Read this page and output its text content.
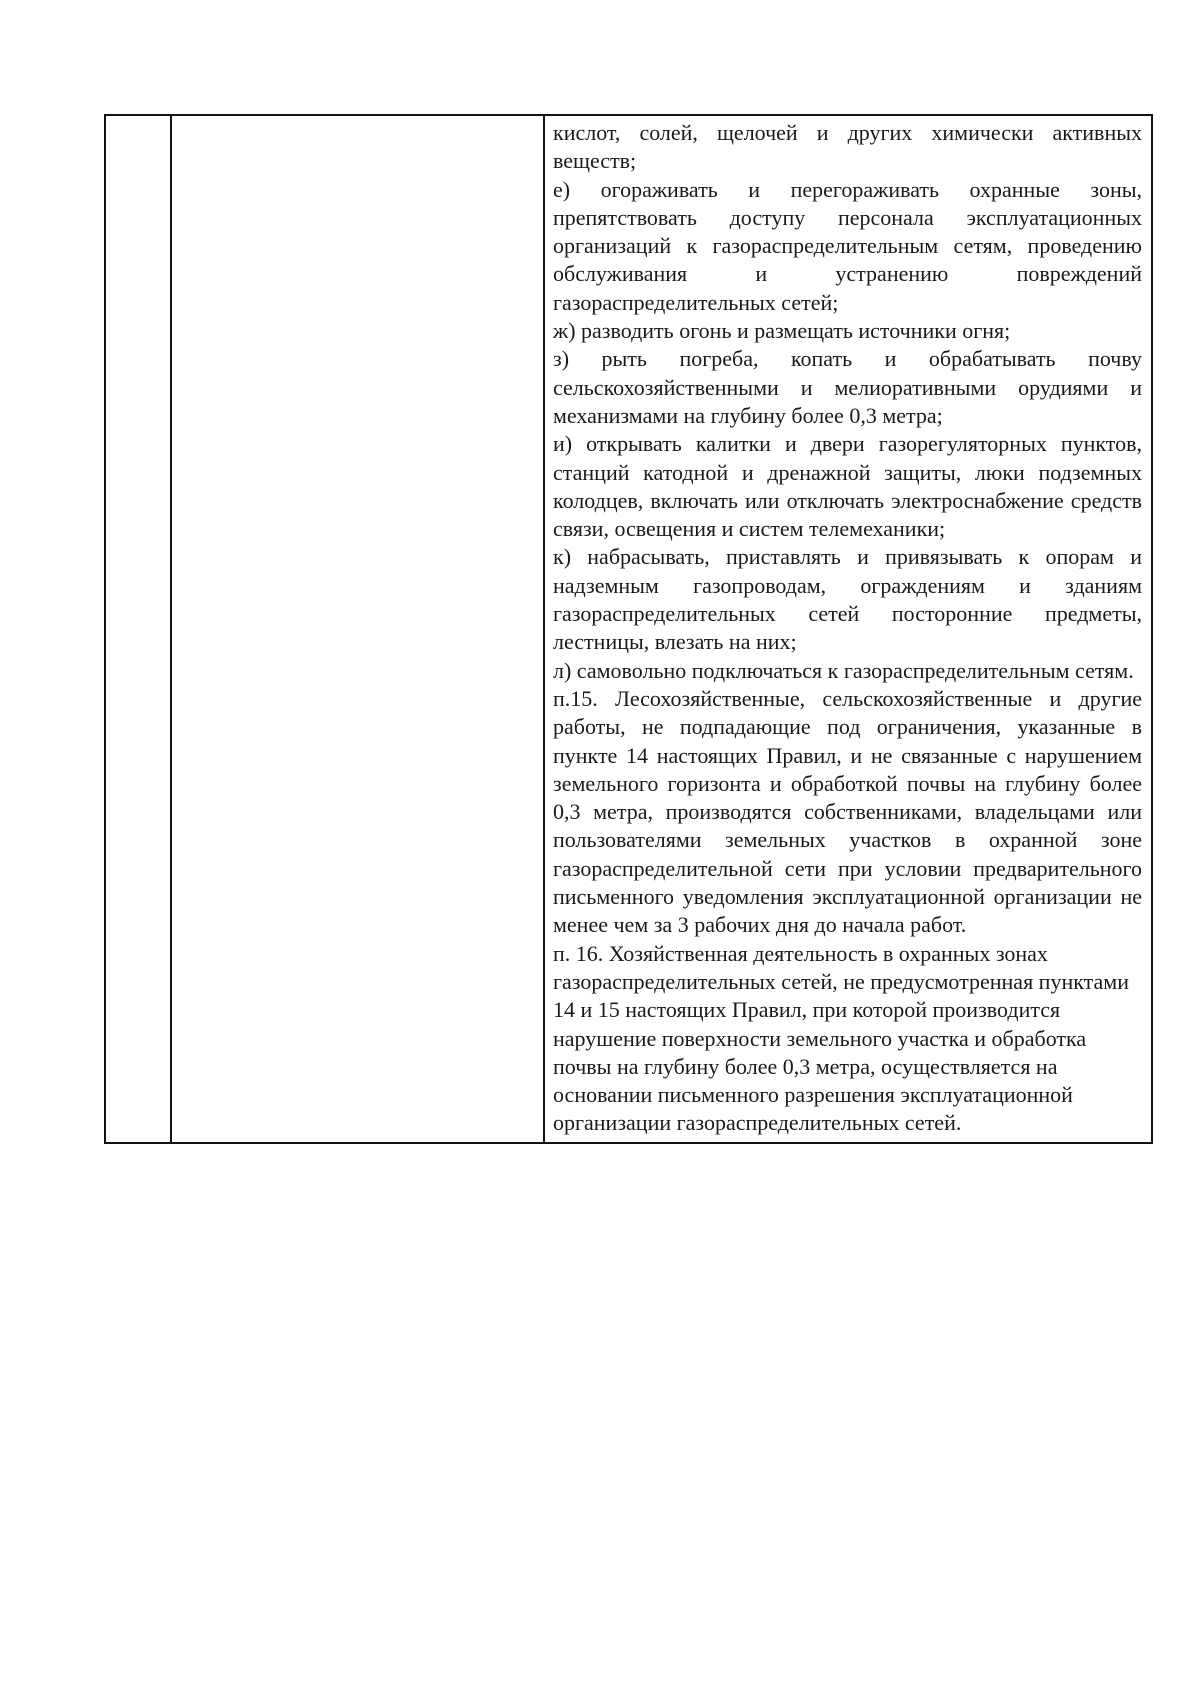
кислот, солей, щелочей и других химически активных веществ;

е) огораживать и перегораживать охранные зоны, препятствовать доступу персонала эксплуатационных организаций к газораспределительным сетям, проведению обслуживания и устранению повреждений газораспределительных сетей;

ж) разводить огонь и размещать источники огня;

з) рыть погреба, копать и обрабатывать почву сельскохозяйственными и мелиоративными орудиями и механизмами на глубину более 0,3 метра;

и) открывать калитки и двери газорегуляторных пунктов, станций катодной и дренажной защиты, люки подземных колодцев, включать или отключать электроснабжение средств связи, освещения и систем телемеханики;

к) набрасывать, приставлять и привязывать к опорам и надземным газопроводам, ограждениям и зданиям газораспределительных сетей посторонние предметы, лестницы, влезать на них;

л) самовольно подключаться к газораспределительным сетям.

п.15. Лесохозяйственные, сельскохозяйственные и другие работы, не подпадающие под ограничения, указанные в пункте 14 настоящих Правил, и не связанные с нарушением земельного горизонта и обработкой почвы на глубину более 0,3 метра, производятся собственниками, владельцами или пользователями земельных участков в охранной зоне газораспределительной сети при условии предварительного письменного уведомления эксплуатационной организации не менее чем за 3 рабочих дня до начала работ.

п. 16. Хозяйственная деятельность в охранных зонах газораспределительных сетей, не предусмотренная пунктами 14 и 15 настоящих Правил, при которой производится нарушение поверхности земельного участка и обработка почвы на глубину более 0,3 метра, осуществляется на основании письменного разрешения эксплуатационной организации газораспределительных сетей.
